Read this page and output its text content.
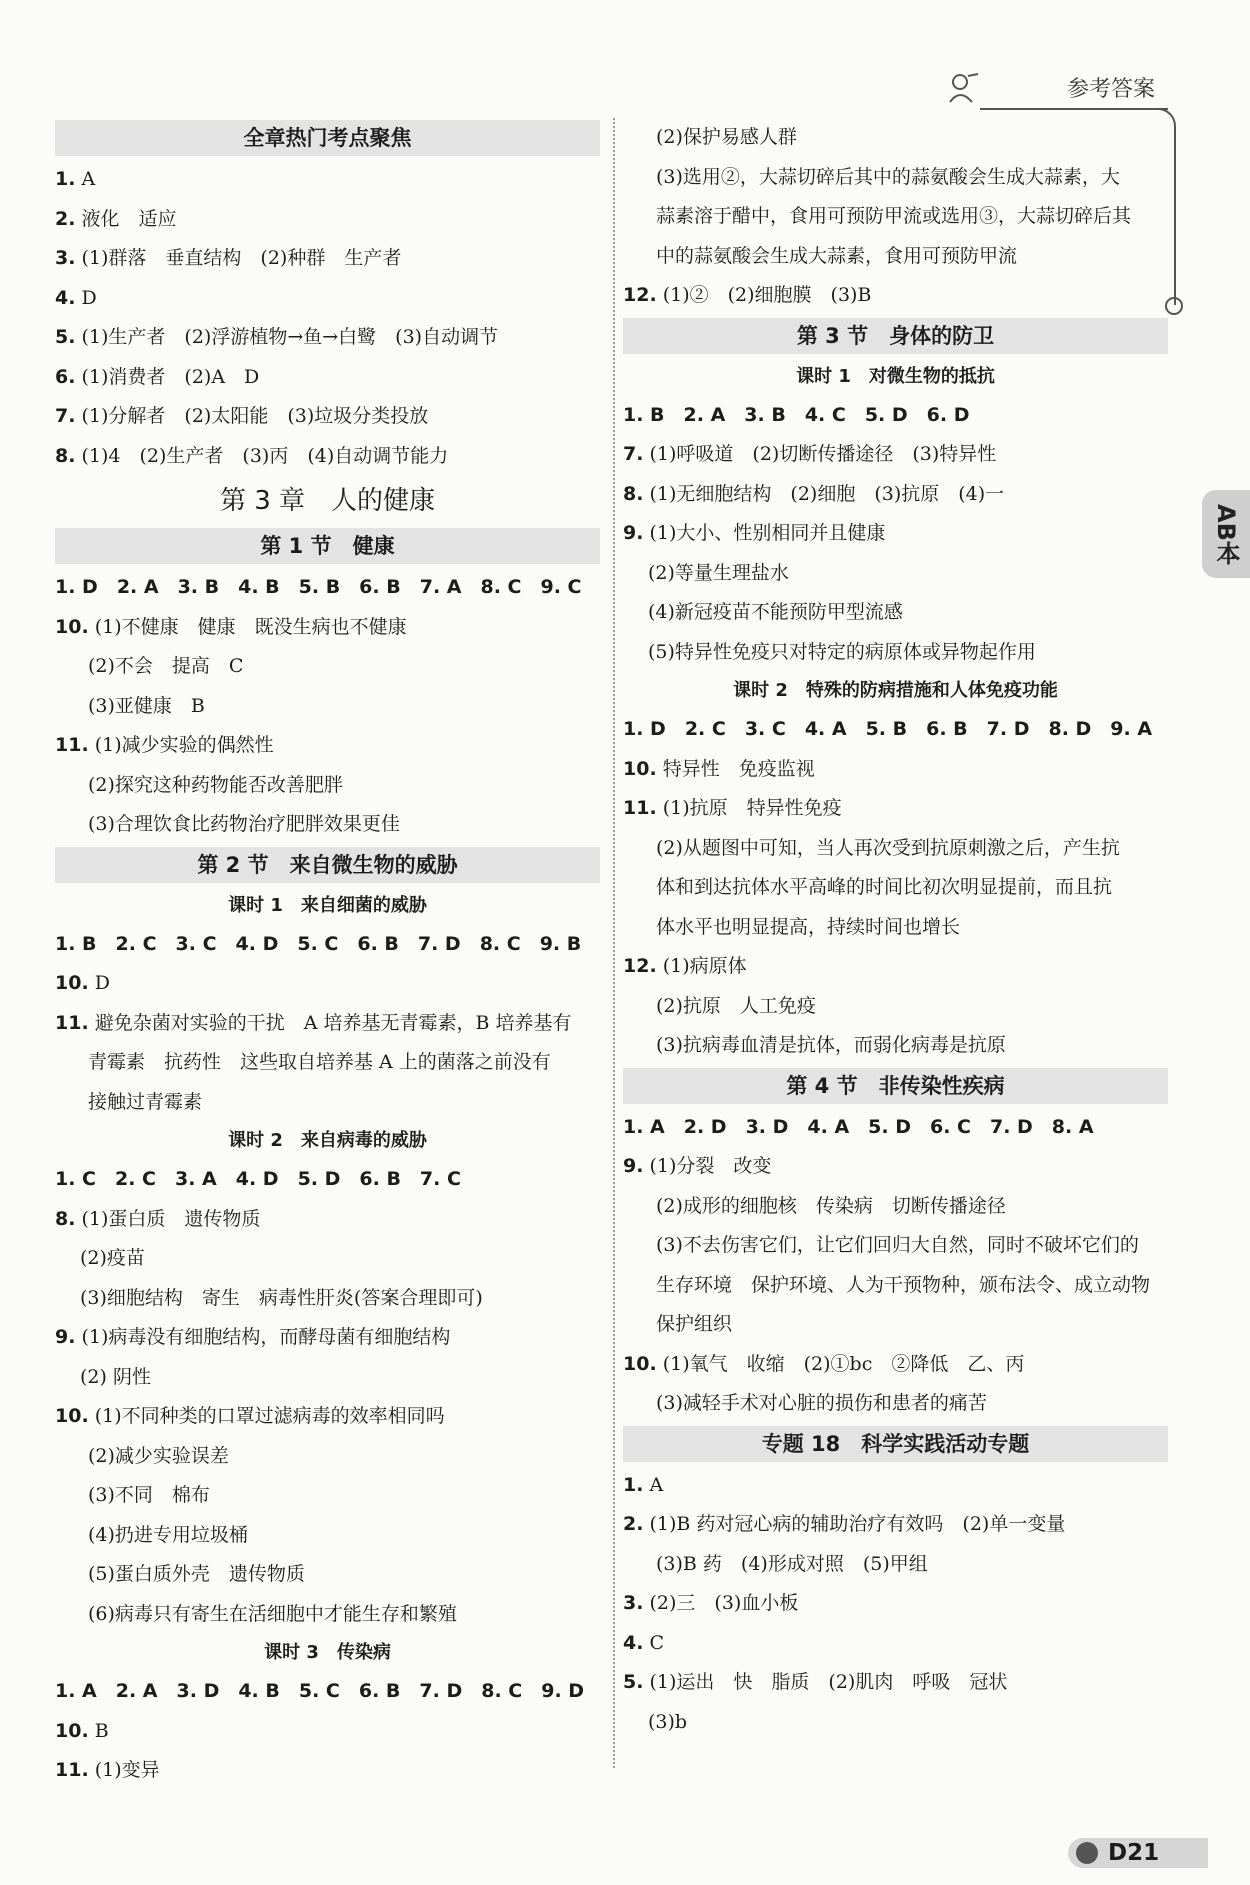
参考答案
AB本
全章热门考点聚焦
1. A
2. 液化　适应
3. (1)群落　垂直结构　(2)种群　生产者
4. D
5. (1)生产者　(2)浮游植物→鱼→白鹭　(3)自动调节
6. (1)消费者　(2)A　D
7. (1)分解者　(2)太阳能　(3)垃圾分类投放
8. (1)4　(2)生产者　(3)丙　(4)自动调节能力
第 3 章　人的健康
第 1 节　健康
1. D　2. A　3. B　4. B　5. B　6. B　7. A　8. C　9. C
10. (1)不健康　健康　既没生病也不健康
(2)不会　提高　C
(3)亚健康　B
11. (1)减少实验的偶然性
(2)探究这种药物能否改善肥胖
(3)合理饮食比药物治疗肥胖效果更佳
第 2 节　来自微生物的威胁
课时 1　来自细菌的威胁
1. B　2. C　3. C　4. D　5. C　6. B　7. D　8. C　9. B
10. D
11. 避免杂菌对实验的干扰　A 培养基无青霉素，B 培养基有
青霉素　抗药性　这些取自培养基 A 上的菌落之前没有
接触过青霉素
课时 2　来自病毒的威胁
1. C　2. C　3. A　4. D　5. D　6. B　7. C
8. (1)蛋白质　遗传物质
(2)疫苗
(3)细胞结构　寄生　病毒性肝炎(答案合理即可)
9. (1)病毒没有细胞结构，而酵母菌有细胞结构
(2) 阴性
10. (1)不同种类的口罩过滤病毒的效率相同吗
(2)减少实验误差
(3)不同　棉布
(4)扔进专用垃圾桶
(5)蛋白质外壳　遗传物质
(6)病毒只有寄生在活细胞中才能生存和繁殖
课时 3　传染病
1. A　2. A　3. D　4. B　5. C　6. B　7. D　8. C　9. D
10. B
11. (1)变异
(2)保护易感人群
(3)选用②，大蒜切碎后其中的蒜氨酸会生成大蒜素，大
蒜素溶于醋中，食用可预防甲流或选用③，大蒜切碎后其
中的蒜氨酸会生成大蒜素，食用可预防甲流
12. (1)②　(2)细胞膜　(3)B
第 3 节　身体的防卫
课时 1　对微生物的抵抗
1. B　2. A　3. B　4. C　5. D　6. D
7. (1)呼吸道　(2)切断传播途径　(3)特异性
8. (1)无细胞结构　(2)细胞　(3)抗原　(4)一
9. (1)大小、性别相同并且健康
(2)等量生理盐水
(4)新冠疫苗不能预防甲型流感
(5)特异性免疫只对特定的病原体或异物起作用
课时 2　特殊的防病措施和人体免疫功能
1. D　2. C　3. C　4. A　5. B　6. B　7. D　8. D　9. A
10. 特异性　免疫监视
11. (1)抗原　特异性免疫
(2)从题图中可知，当人再次受到抗原刺激之后，产生抗
体和到达抗体水平高峰的时间比初次明显提前，而且抗
体水平也明显提高，持续时间也增长
12. (1)病原体
(2)抗原　人工免疫
(3)抗病毒血清是抗体，而弱化病毒是抗原
第 4 节　非传染性疾病
1. A　2. D　3. D　4. A　5. D　6. C　7. D　8. A
9. (1)分裂　改变
(2)成形的细胞核　传染病　切断传播途径
(3)不去伤害它们，让它们回归大自然，同时不破坏它们的
生存环境　保护环境、人为干预物种，颁布法令、成立动物
保护组织
10. (1)氧气　收缩　(2)①bc　②降低　乙、丙
(3)减轻手术对心脏的损伤和患者的痛苦
专题 18　科学实践活动专题
1. A
2. (1)B 药对冠心病的辅助治疗有效吗　(2)单一变量
(3)B 药　(4)形成对照　(5)甲组
3. (2)三　(3)血小板
4. C
5. (1)运出　快　脂质　(2)肌肉　呼吸　冠状
(3)b
D21
